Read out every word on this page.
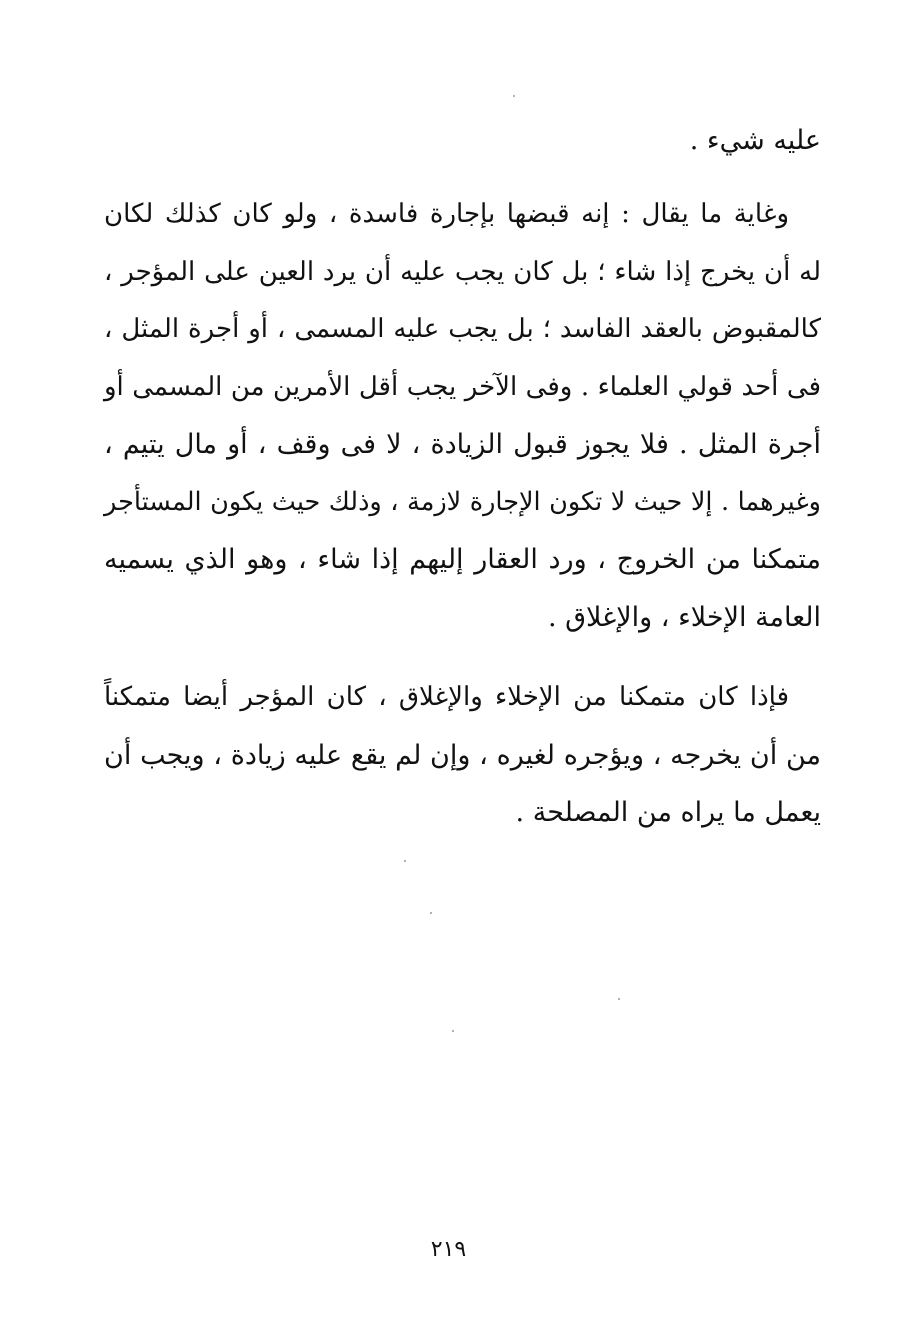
عليه شيء .
وغاية ما يقال : إنه قبضها بإجارة فاسدة ، ولو كان كذلك لكان
له أن يخرج إذا شاء ؛ بل كان يجب عليه أن يرد العين على المؤجر ،
كالمقبوض بالعقد الفاسد ؛ بل يجب عليه المسمى ، أو أجرة المثل ،
فى أحد قولي العلماء . وفى الآخر يجب أقل الأمرين من المسمى أو
أجرة المثل . فلا يجوز قبول الزيادة ، لا فى وقف ، أو مال يتيم ،
وغيرهما . إلا حيث لا تكون الإجارة لازمة ، وذلك حيث يكون المستأجر
متمكنا من الخروج ، ورد العقار إليهم إذا شاء ، وهو الذي يسميه
العامة الإخلاء ، والإغلاق .
فإذا كان متمكنا من الإخلاء والإغلاق ، كان المؤجر أيضا متمكناً
من أن يخرجه ، ويؤجره لغيره ، وإن لم يقع عليه زيادة ، ويجب أن
يعمل ما يراه من المصلحة .
٢١٩
